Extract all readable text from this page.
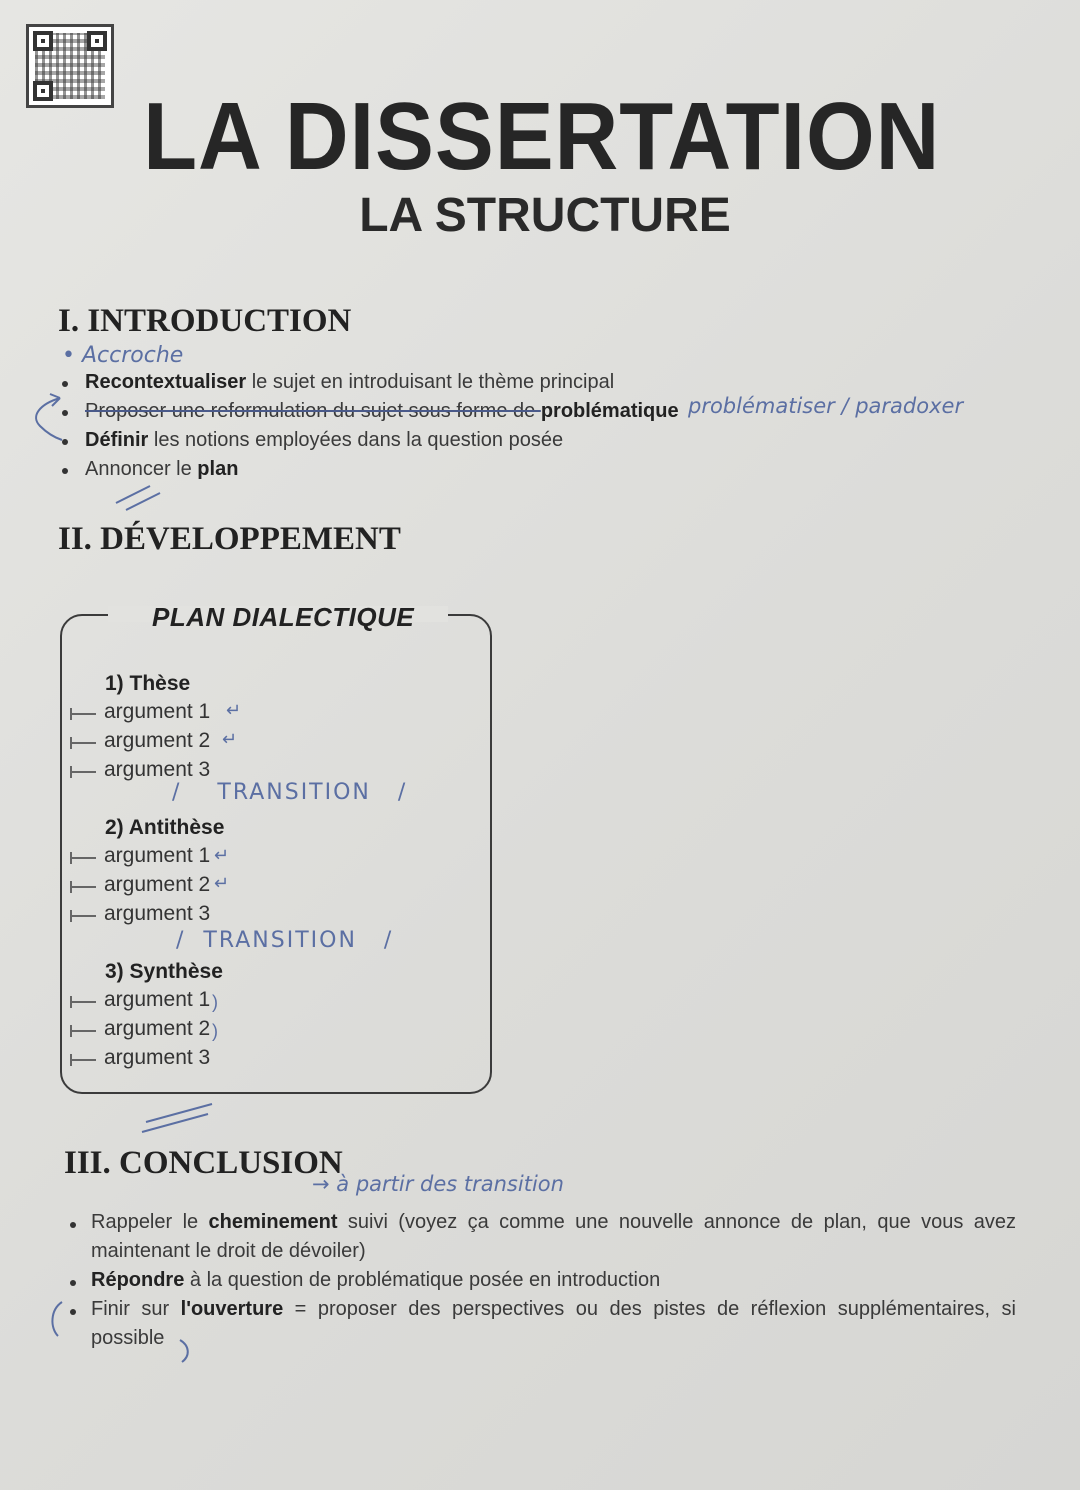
LA DISSERTATION
LA STRUCTURE
I. INTRODUCTION
• Accroche
Recontextualiser le sujet en introduisant le thème principal
Proposer une reformulation du sujet sous forme de problématique problématiser / paradoxer
Définir les notions employées dans la question posée
Annoncer le plan
II. DÉVELOPPEMENT
PLAN DIALECTIQUE
1) Thèse
argument 1
argument 2
argument 3
↵
↵
/    TRANSITION   /
2) Antithèse
argument 1
argument 2
argument 3
↵
↵
/  TRANSITION   /
3) Synthèse
argument 1
argument 2
argument 3
)
)
III. CONCLUSION
→ à partir des transition
Rappeler le cheminement suivi (voyez ça comme une nouvelle annonce de plan, que vous avez maintenant le droit de dévoiler)
Répondre à la question de problématique posée en introduction
Finir sur l'ouverture = proposer des perspectives ou des pistes de réflexion supplémentaires, si possible
